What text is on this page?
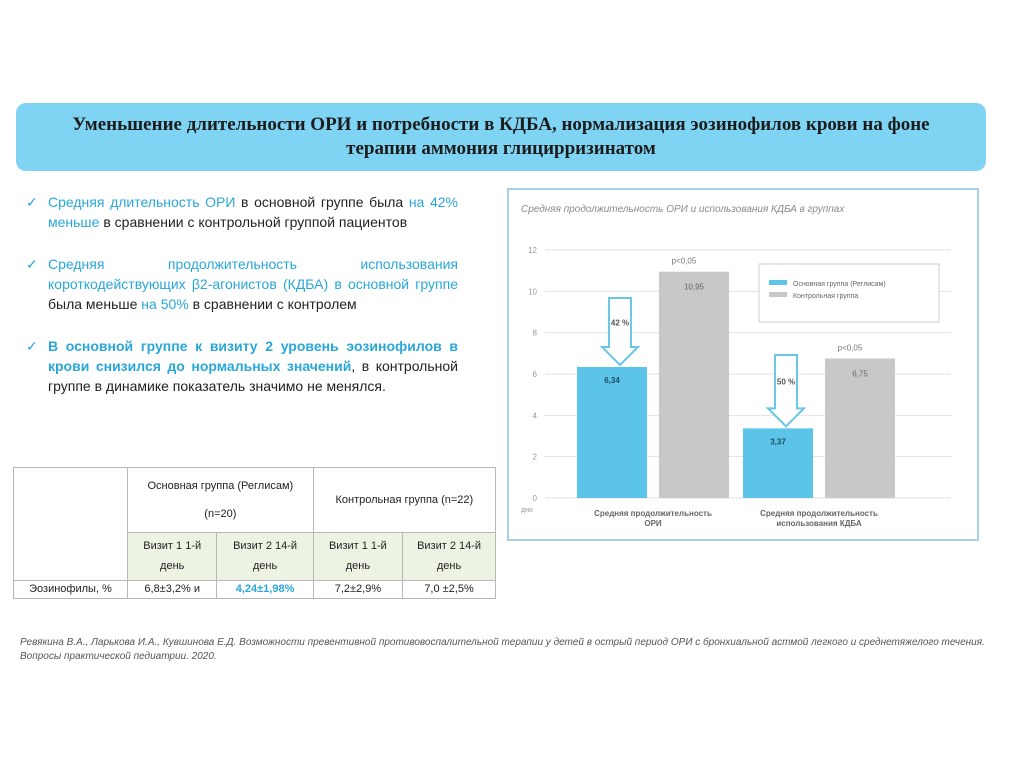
Уменьшение длительности ОРИ и потребности в КДБА, нормализация эозинофилов крови на фоне терапии аммония глицирризинатом
✓ Средняя длительность ОРИ в основной группе была на 42% меньше в сравнении с контрольной группой пациентов
✓ Средняя продолжительность использования короткодействующих β2-агонистов (КДБА) в основной группе была меньше на 50% в сравнении с контролем
✓ В основной группе к визиту 2 уровень эозинофилов в крови снизился до нормальных значений, в контрольной группе в динамике показатель значимо не менялся.
	Основная группа (Реглисам) (n=20)		Контрольная группа (n=22)	
	Визит 1 1-й день	Визит 2 14-й день	Визит 1 1-й день	Визит 2 14-й день
Эозинофилы, %	6,8±3,2% и	4,24±1,98%	7,2±2,9%	7,0 ±2,5%
Средняя продолжительность ОРИ и использования КДБА в группах
0
2
4
6
8
10
12
дни
6,34
10,95
p<0,05
42 %
Средняя продолжительность
ОРИ
3,37
6,75
p<0,05
50 %
Средняя продолжительность
использования КДБА
Основная группа (Реглисам)
Контрольная группа
Ревякина В.А., Ларькова И.А., Кувшинова Е.Д. Возможности превентивной противовоспалительной терапии у детей в острый период ОРИ с бронхиальной астмой легкого и среднетяжелого течения. Вопросы практической педиатрии. 2020.
